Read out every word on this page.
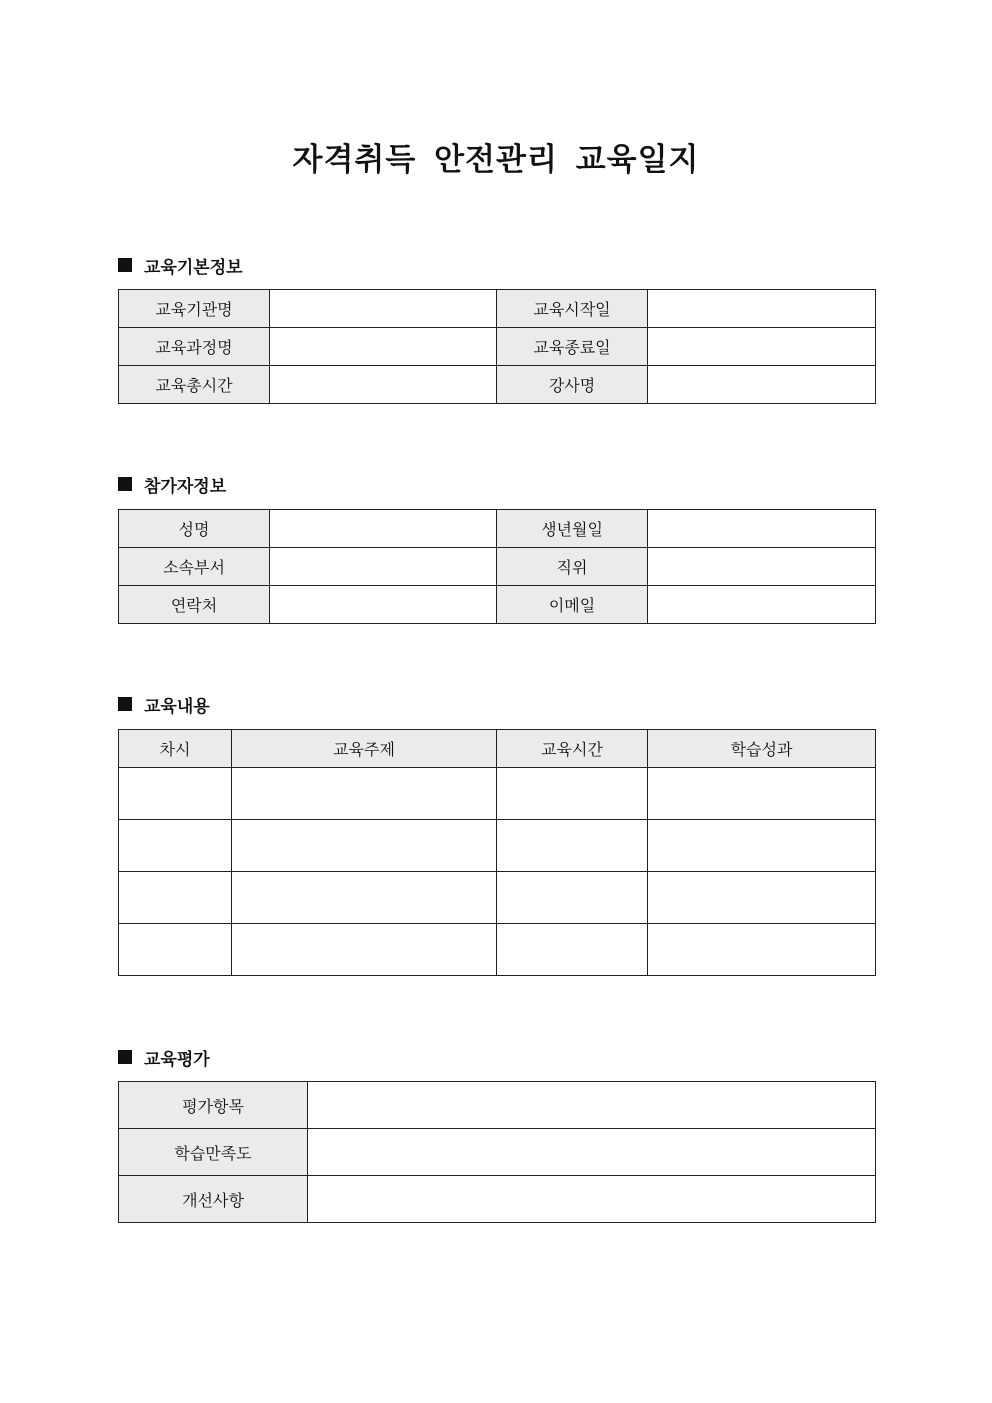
자격취득 안전관리 교육일지
교육기본정보
교육기관명		교육시작일	
교육과정명		교육종료일	
교육총시간		강사명	
참가자정보
성명		생년월일	
소속부서		직위	
연락처		이메일	
교육내용
차시	교육주제	교육시간	학습성과

교육평가
평가항목	
학습만족도	
개선사항	
